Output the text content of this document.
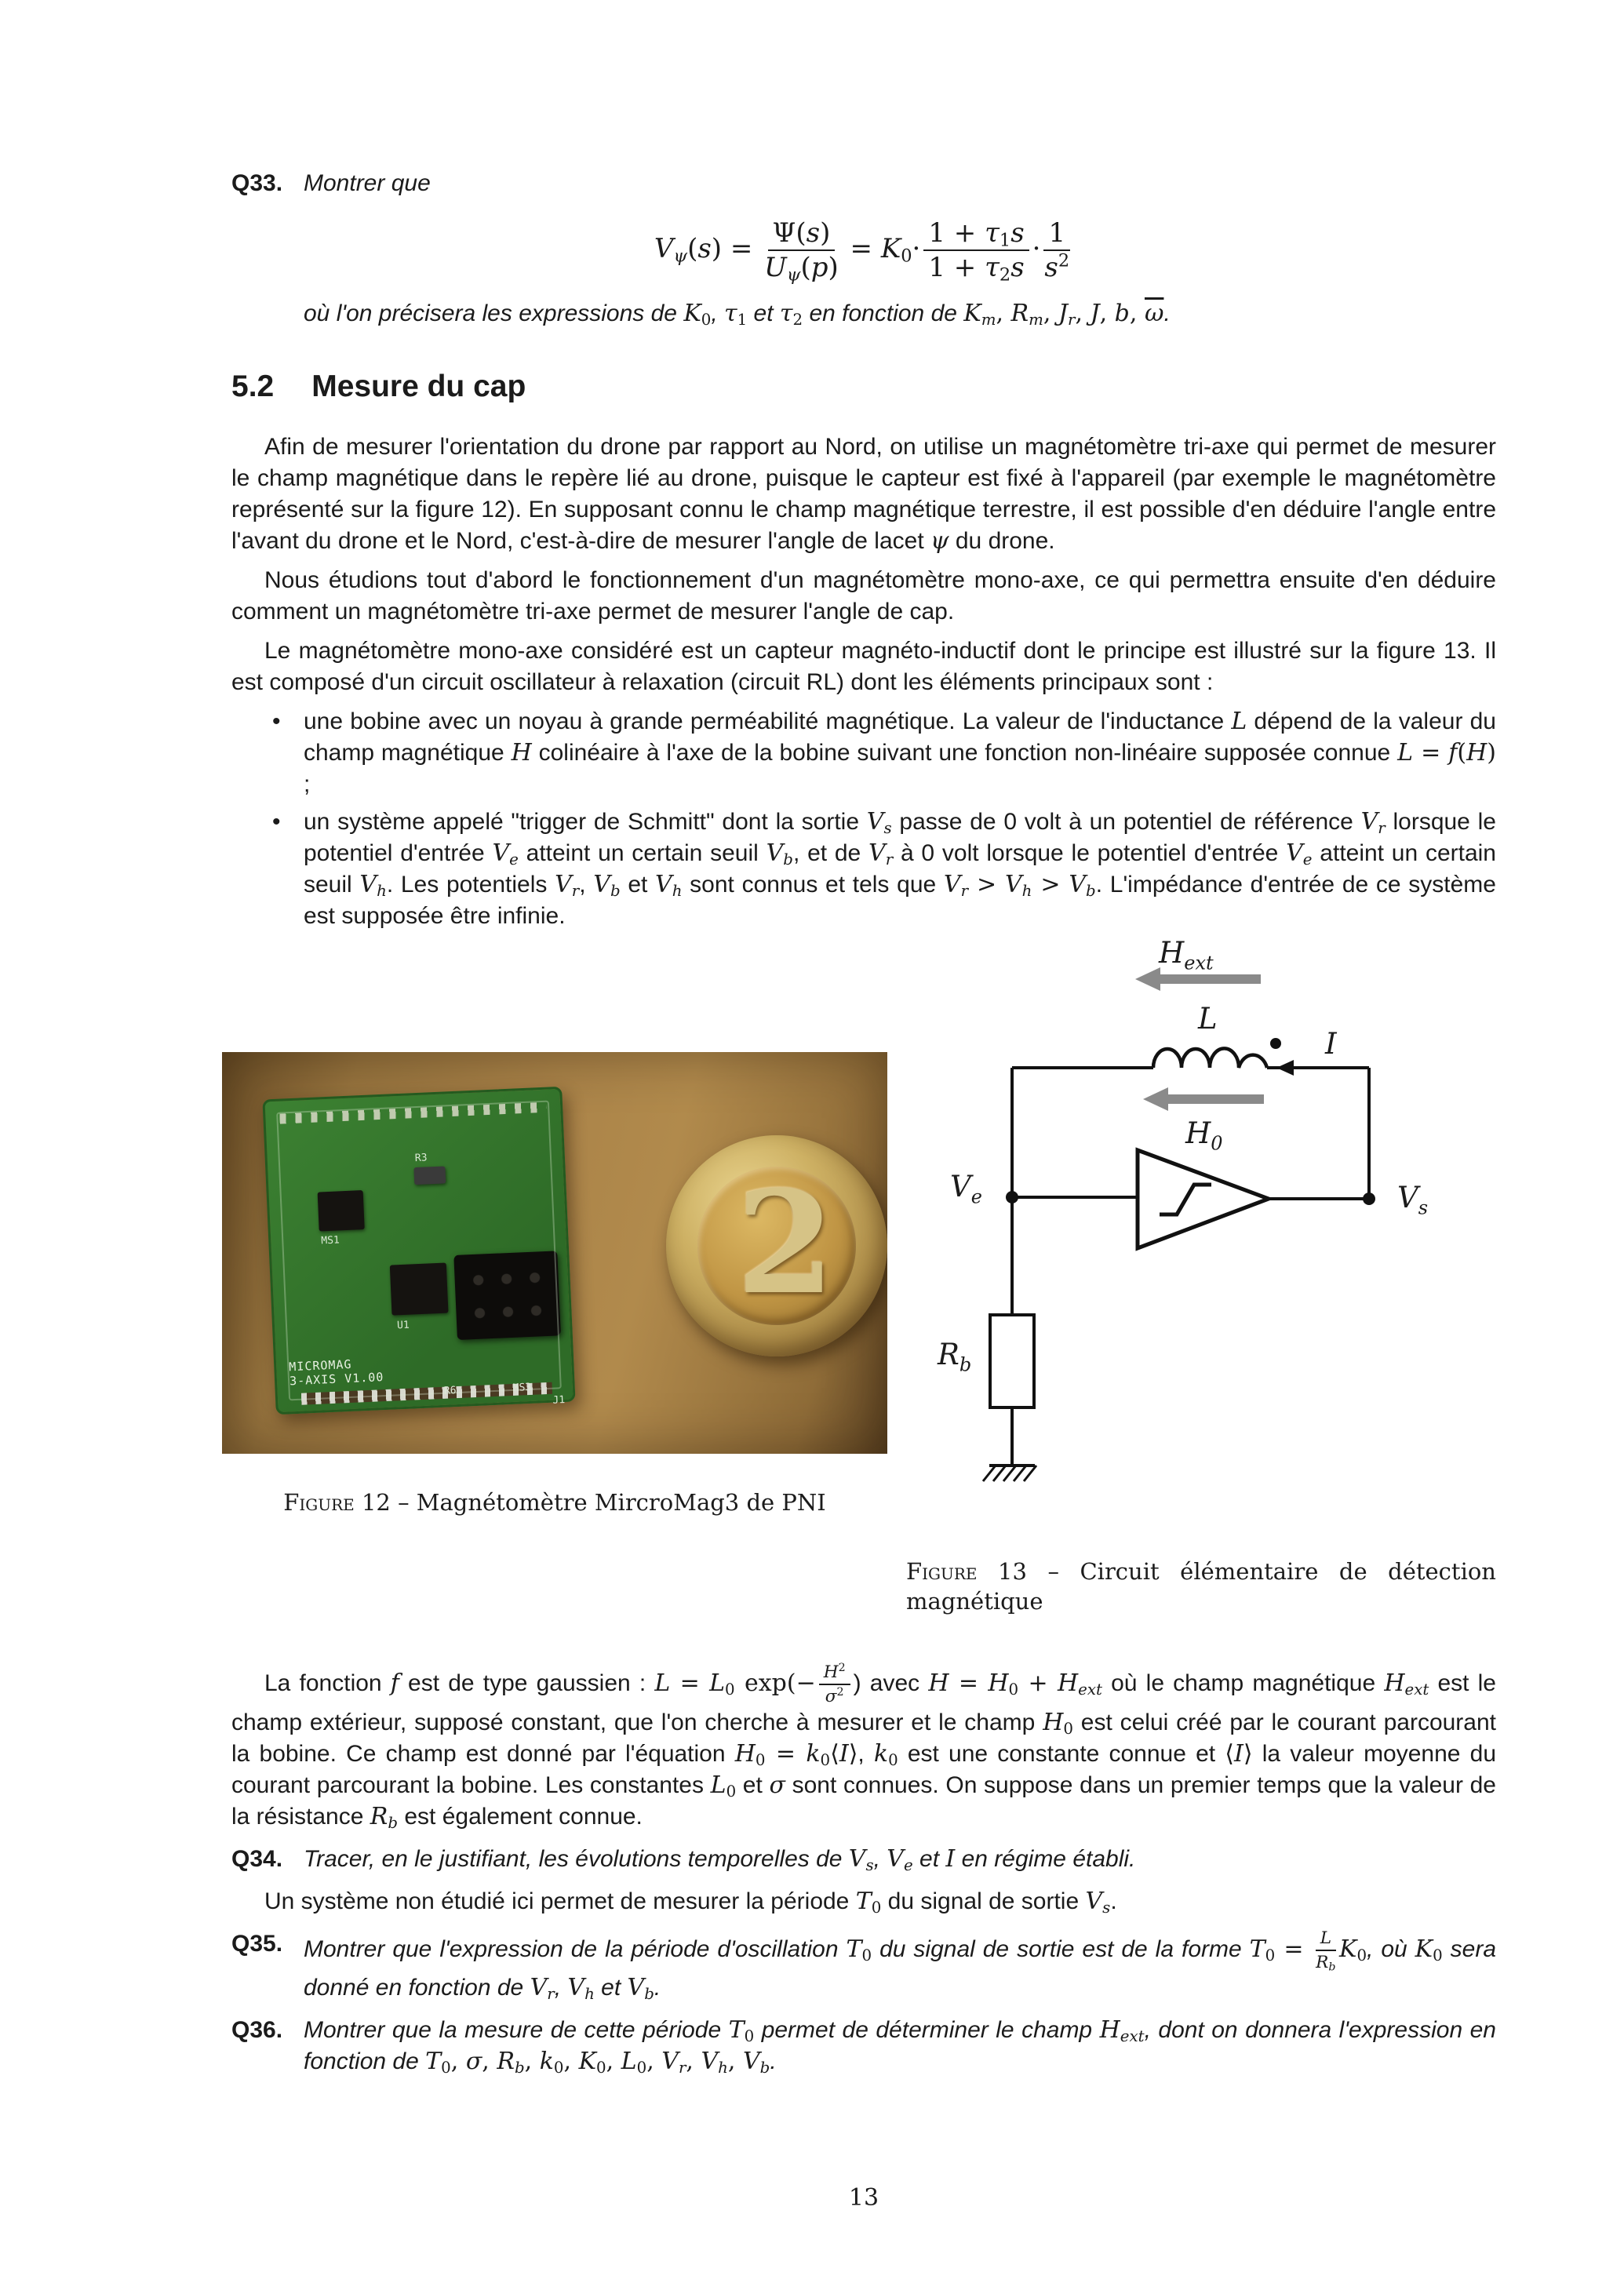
Q33. Montrer que
$V\psi(s) = \frac{\Psi(s)}{U\psi(p)} = K0\cdot \frac{1 + \tau 1s}{1 + \tau 2s} \cdot \frac{1}{s^2}$
où l'on précisera les expressions de K0, τ1 et τ2 en fonction de Km, Rm, Jr, J, b, $\overline{\omega}$.
5.2 Mesure du cap

Afin de mesurer l'orientation du drone par rapport au Nord, on utilise un magnétomètre tri-axe qui permet de mesurer le champ magnétique dans le repère lié au drone, puisque le capteur est fixé à l'appareil (par exemple le magnétomètre représenté sur la figure 12). En supposant connu le champ magnétique terrestre, il est possible d'en déduire l'angle entre l'avant du drone et le Nord, c'est-à-dire de mesurer l'angle de lacet ψ du drone.

Nous étudions tout d'abord le fonctionnement d'un magnétomètre mono-axe, ce qui permettra ensuite d'en déduire comment un magnétomètre tri-axe permet de mesurer l'angle de cap.

Le magnétomètre mono-axe considéré est un capteur magnéto-inductif dont le principe est illustré sur la figure 13. Il est composé d'un circuit oscillateur à relaxation (circuit RL) dont les éléments principaux sont :

• une bobine avec un noyau à grande perméabilité magnétique. La valeur de l'inductance L dépend de la valeur du champ magnétique H colinéaire à l'axe de la bobine suivant une fonction non-linéaire supposée connue L = f(H) ;
• un système appelé "trigger de Schmitt" dont la sortie Vs passe de 0 volt à un potentiel de référence Vr lorsque le potentiel d'entrée Ve atteint un certain seuil Vb, et de Vr à 0 volt lorsque le potentiel d'entrée Ve atteint un certain seuil Vh. Les potentiels Vr, Vb et Vh sont connus et tels que Vr > Vh > Vb. L'impédance d'entrée de ce système est supposée être infinie.
MS1
R3
U1
R6	MS3
J1
MICROMAG
3-AXIS V1.00
2
Figure 12 – Magnétomètre MircroMag3 de PNI
$H_{ext}$
L
I
$H_0$
$V_e$	$V_s$
$R_b$
Figure 13 – Circuit élémentaire de détection magnétique

La fonction f est de type gaussien : L = L0 $\exp(- \frac{H^2}{\sigma^2}$ ) avec H = H0 + Hext où le champ magnétique Hext est le champ extérieur, supposé constant, que l'on cherche à mesurer et le champ H0 est celui créé par le courant parcourant la bobine. Ce champ est donné par l'équation H0 = k0⟨I⟩, k0 est une constante connue et ⟨I⟩ la valeur moyenne du courant parcourant la bobine. Les constantes L0 et σ sont connues. On suppose dans un premier temps que la valeur de la résistance Rb est également connue.

Q34. Tracer, en le justifiant, les évolutions temporelles de Vs, Ve et I en régime établi.

Un système non étudié ici permet de mesurer la période T0 du signal de sortie Vs.

Q35. Montrer que l'expression de la période d'oscillation T0 du signal de sortie est de la forme $T0 = \frac{L}{Rb} K0$, où K0 sera donné en fonction de Vr, Vh et Vb.
Q36. Montrer que la mesure de cette période T0 permet de déterminer le champ Hext, dont on donnera l'expression en fonction de T0, σ, Rb, k0, K0, L0, Vr, Vh, Vb.
13
